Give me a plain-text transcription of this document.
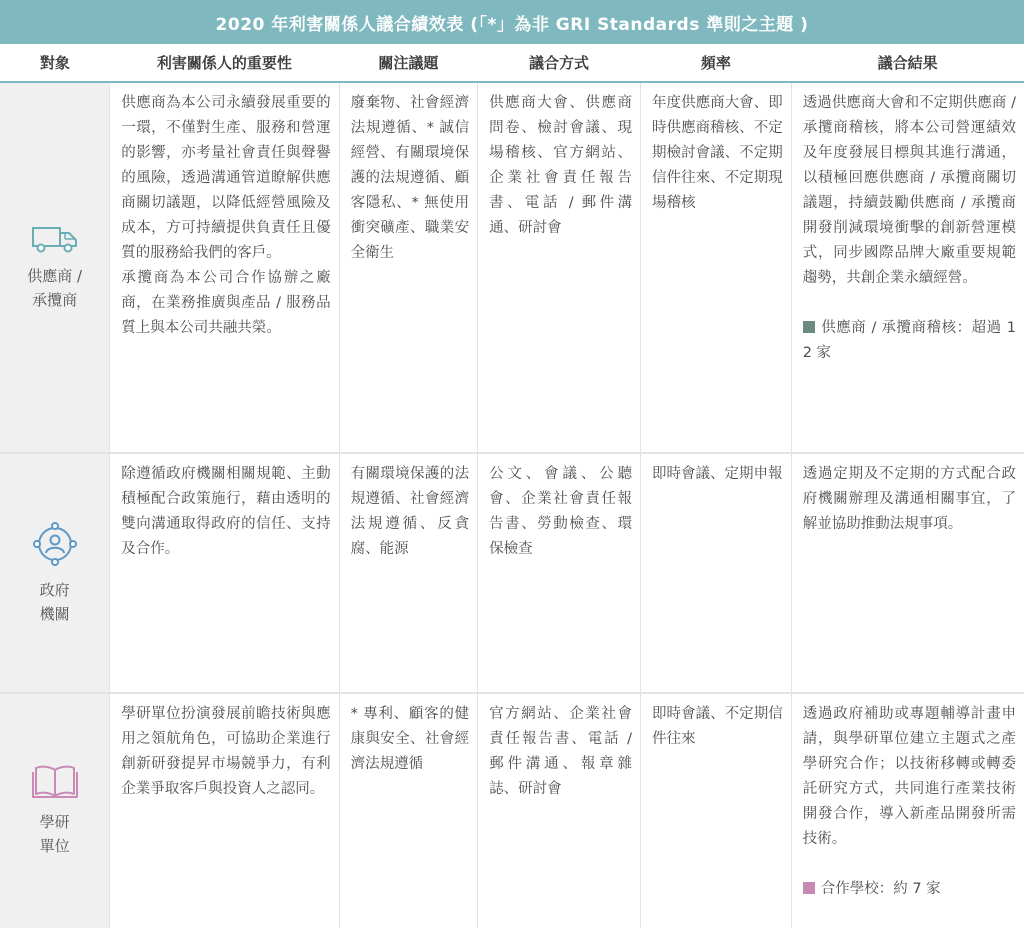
2020 年利害關係人議合績效表 (「*」為非 GRI Standards 準則之主題 )
對象	利害關係人的重要性	關注議題	議合方式	頻率	議合結果

供應商 /
承攬商	供應商為本公司永續發展重要的一環，不僅對生產、服務和營運的影響，亦考量社會責任與聲譽的風險，透過溝通管道瞭解供應商關切議題，以降低經營風險及成本，方可持續提供負責任且優質的服務給我們的客戶。
承攬商為本公司合作協辦之廠商，在業務推廣與產品 / 服務品質上與本公司共融共榮。	廢棄物、社會經濟法規遵循、* 誠信經營、有關環境保護的法規遵循、顧客隱私、* 無使用衝突礦產、職業安全衛生	供應商大會、供應商問卷、檢討會議、現場稽核、官方網站、企業社會責任報告書、電話 / 郵件溝通、研討會	年度供應商大會、即時供應商稽核、不定期檢討會議、不定期信件往來、不定期現場稽核	透過供應商大會和不定期供應商 / 承攬商稽核，將本公司營運績效及年度發展目標與其進行溝通，以積極回應供應商 / 承攬商關切議題，持續鼓勵供應商 / 承攬商開發削減環境衝擊的創新營運模式，同步國際品牌大廠重要規範趨勢，共創企業永續經營。
供應商 / 承攬商稽核：超過 12 家

政府
機關	除遵循政府機關相關規範、主動積極配合政策施行，藉由透明的雙向溝通取得政府的信任、支持及合作。	有關環境保護的法規遵循、社會經濟法規遵循、反貪腐、能源	公文、會議、公聽會、企業社會責任報告書、勞動檢查、環保檢查	即時會議、定期申報	透過定期及不定期的方式配合政府機關辦理及溝通相關事宜，了解並協助推動法規事項。

學研
單位	學研單位扮演發展前瞻技術與應用之領航角色，可協助企業進行創新研發提昇市場競爭力，有利企業爭取客戶與投資人之認同。	* 專利、顧客的健康與安全、社會經濟法規遵循	官方網站、企業社會責任報告書、電話 / 郵件溝通、報章雜誌、研討會	即時會議、不定期信件往來	透過政府補助或專題輔導計畫申請，與學研單位建立主題式之產學研究合作；以技術移轉或轉委託研究方式，共同進行產業技術開發合作，導入新產品開發所需技術。
合作學校：約 7 家
